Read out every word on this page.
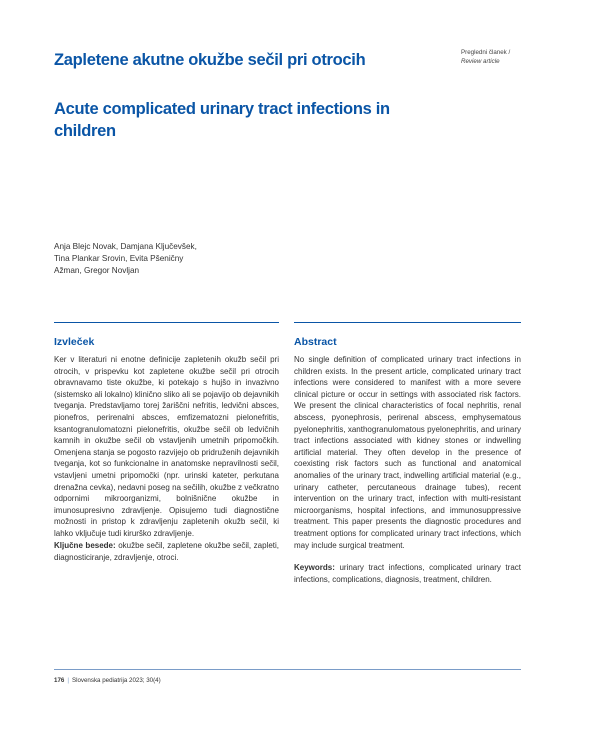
Pregledni članek /
Review article
Zapletene akutne okužbe sečil pri otrocih
Acute complicated urinary tract infections in children
Anja Blejc Novak, Damjana Ključevšek,
Tina Plankar Srovin, Evita Pšeničny
Ažman, Gregor Novljan
Izvleček

Ker v literaturi ni enotne definicije zapletenih okužb sečil pri otrocih, v prispevku kot zapletene okužbe sečil pri otrocih obravnavamo tiste okužbe, ki potekajo s hujšo in invazivno (sistemsko ali lokalno) klinično sliko ali se pojavijo ob dejavnikih tveganja. Predstavljamo torej žariščni nefritis, ledvični absces, pionefros, perirenalni absces, emfizematozni pielonefritis, ksantogranulomatozni pielonefritis, okužbe sečil ob ledvičnih kamnih in okužbe sečil ob vstavljenih umetnih pripomočkih. Omenjena stanja se pogosto razvijejo ob pridruženih dejavnikih tveganja, kot so funkcionalne in anatomske nepravilnosti sečil, vstavljeni umetni pripomočki (npr. urinski kateter, perkutana drenažna cevka), nedavni poseg na sečilih, okužbe z večkratno odpornimi mikroorganizmi, bolnišnične okužbe in imunosupresivno zdravljenje. Opisujemo tudi diagnostične možnosti in pristop k zdravljenju zapletenih okužb sečil, ki lahko vključuje tudi kirurško zdravljenje.

Ključne besede: okužbe sečil, zapletene okužbe sečil, zapleti, diagnosticiranje, zdravljenje, otroci.

Abstract

No single definition of complicated urinary tract infections in children exists. In the present article, complicated urinary tract infections were considered to manifest with a more severe clinical picture or occur in settings with associated risk factors. We present the clinical characteristics of focal nephritis, renal abscess, pyonephrosis, perirenal abscess, emphysematous pyelonephritis, xanthogranulomatous pyelonephritis, and urinary tract infections associated with kidney stones or indwelling artificial material. They often develop in the presence of coexisting risk factors such as functional and anatomical anomalies of the urinary tract, indwelling artificial material (e.g., urinary catheter, percutaneous drainage tubes), recent intervention on the urinary tract, infection with multi-resistant microorganisms, hospital infections, and immunosuppressive treatment. This paper presents the diagnostic procedures and treatment options for complicated urinary tract infections, which may include surgical treatment.

Keywords: urinary tract infections, complicated urinary tract infections, complications, diagnosis, treatment, children.

176 | Slovenska pediatrija 2023; 30(4)
